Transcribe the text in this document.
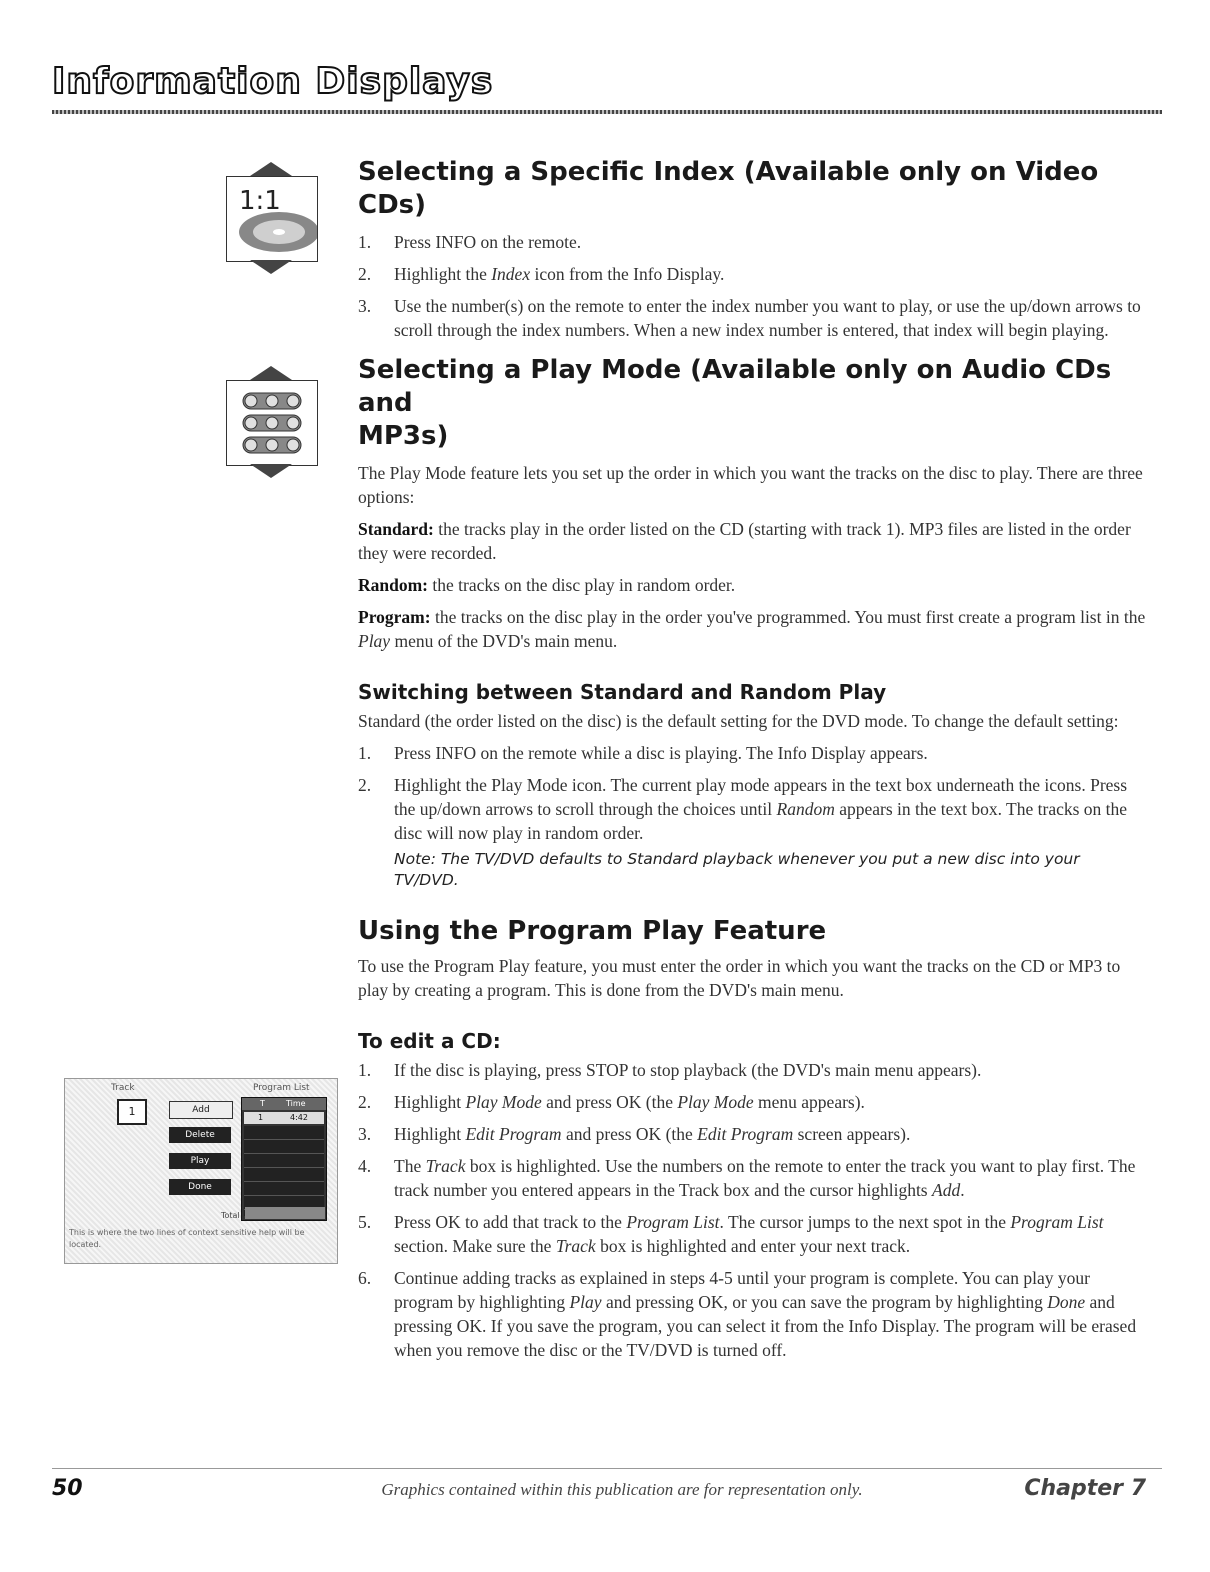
Information Displays
1:1
Selecting a Specific Index (Available only on Video CDs)
1. Press INFO on the remote.
2. Highlight the Index icon from the Info Display.
3. Use the number(s) on the remote to enter the index number you want to play, or use the up/down arrows to scroll through the index numbers. When a new index number is entered, that index will begin playing.
Selecting a Play Mode (Available only on Audio CDs and
MP3s)

The Play Mode feature lets you set up the order in which you want the tracks on the disc to play. There are three options:

Standard: the tracks play in the order listed on the CD (starting with track 1). MP3 files are listed in the order they were recorded.

Random: the tracks on the disc play in random order.

Program: the tracks on the disc play in the order you've programmed. You must first create a program list in the Play menu of the DVD's main menu.

Switching between Standard and Random Play

Standard (the order listed on the disc) is the default setting for the DVD mode. To change the default setting:

1. Press INFO on the remote while a disc is playing. The Info Display appears.
2. Highlight the Play Mode icon. The current play mode appears in the text box underneath the icons. Press the up/down arrows to scroll through the choices until Random appears in the text box. The tracks on the disc will now play in random order.

Note: The TV/DVD defaults to Standard playback whenever you put a new disc into your TV/DVD.

Using the Program Play Feature

To use the Program Play feature, you must enter the order in which you want the tracks on the CD or MP3 to play by creating a program. This is done from the DVD's main menu.

To edit a CD:
1. If the disc is playing, press STOP to stop playback (the DVD's main menu appears).
2. Highlight Play Mode and press OK (the Play Mode menu appears).
3. Highlight Edit Program and press OK (the Edit Program screen appears).
4. The Track box is highlighted. Use the numbers on the remote to enter the track you want to play first. The track number you entered appears in the Track box and the cursor highlights Add.
5. Press OK to add that track to the Program List. The cursor jumps to the next spot in the Program List section. Make sure the Track box is highlighted and enter your next track.
6. Continue adding tracks as explained in steps 4-5 until your program is complete. You can play your program by highlighting Play and pressing OK, or you can save the program by highlighting Done and pressing OK. If you save the program, you can select it from the Info Display. The program will be erased when you remove the disc or the TV/DVD is turned off.
Track	Program List
1	Add
Delete
Play
Done
T	Time
1	4:42
Total
This is where the two lines of context sensitive help will be located.
50	Graphics contained within this publication are for representation only.	Chapter 7
